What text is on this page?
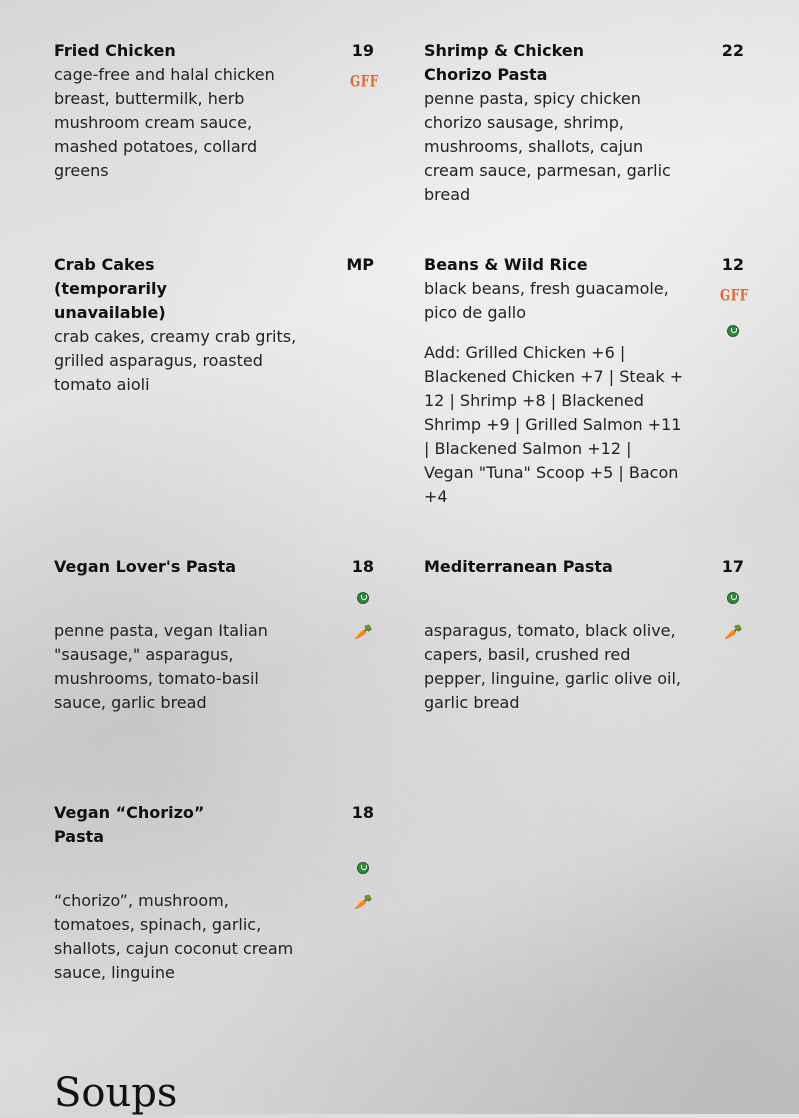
Fried Chicken	19
cage-free and halal chicken breast, buttermilk, herb mushroom cream sauce, mashed potatoes, collard greens
GFF
Shrimp & Chicken Chorizo Pasta
22
penne pasta, spicy chicken chorizo sausage, shrimp, mushrooms, shallots, cajun cream sauce, parmesan, garlic bread
Crab Cakes (temporarily unavailable)
MP
crab cakes, creamy crab grits, grilled asparagus, roasted tomato aioli
Beans & Wild Rice	12
black beans, fresh guacamole, pico de gallo
Add: Grilled Chicken +6 | Blackened Chicken +7 | Steak + 12 | Shrimp +8 | Blackened Shrimp +9 | Grilled Salmon +11 | Blackened Salmon +12 | Vegan "Tuna" Scoop +5 | Bacon +4
GFF
Vegan Lover's Pasta	18
penne pasta, vegan Italian "sausage," asparagus, mushrooms, tomato-basil sauce, garlic bread
🥕
Mediterranean Pasta	17
asparagus, tomato, black olive, capers, basil, crushed red pepper, linguine, garlic olive oil, garlic bread
🥕
Vegan “Chorizo” Pasta
18
“chorizo”, mushroom, tomatoes, spinach, garlic, shallots, cajun coconut cream sauce, linguine
🥕
Soups
